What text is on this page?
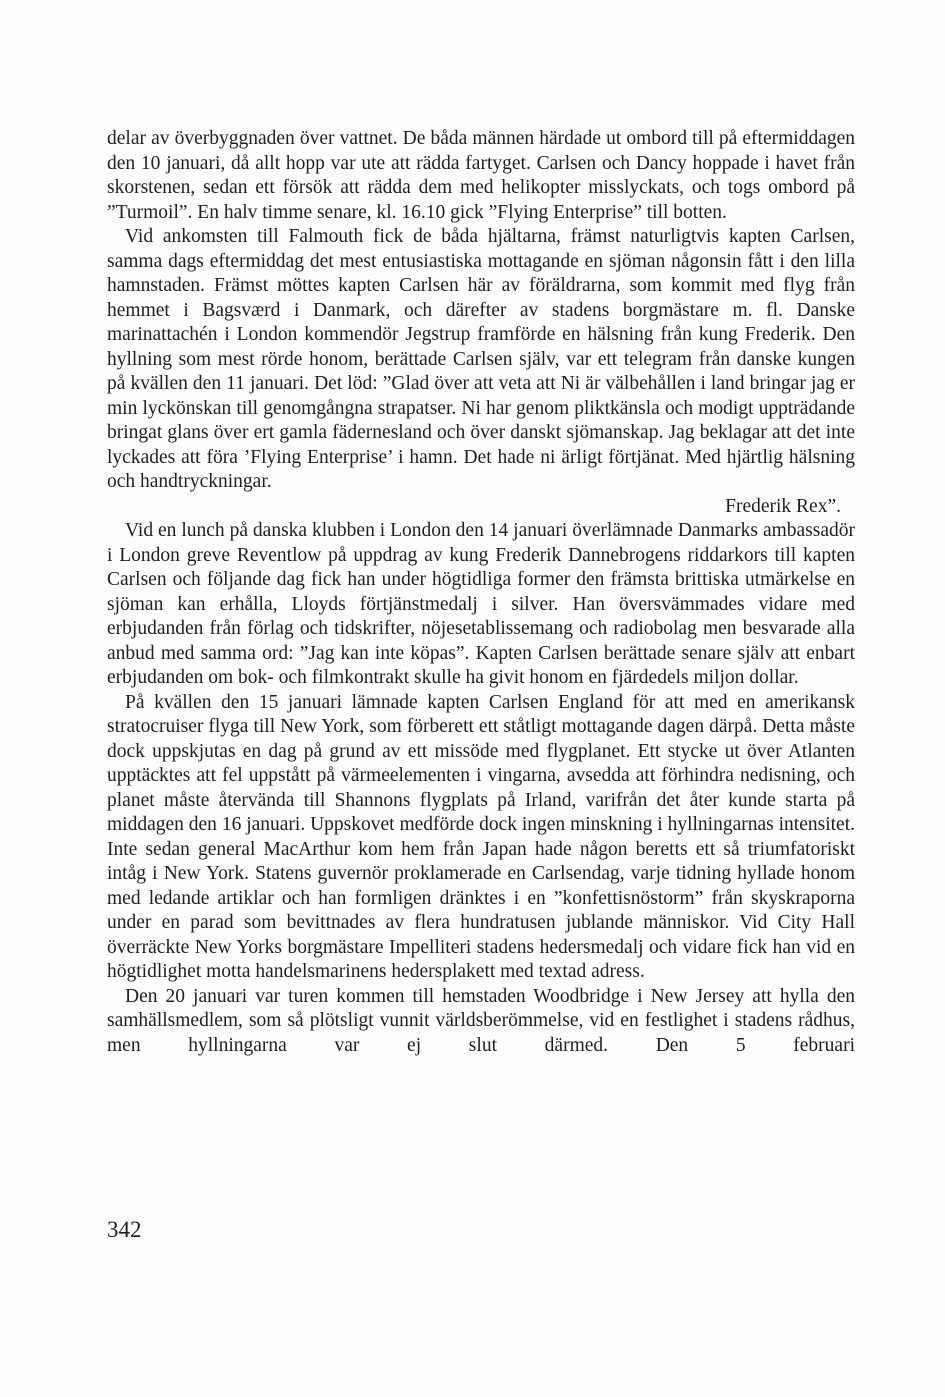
delar av överbyggnaden över vattnet. De båda männen härdade ut ombord till på eftermiddagen den 10 januari, då allt hopp var ute att rädda fartyget. Carlsen och Dancy hoppade i havet från skorstenen, sedan ett försök att rädda dem med helikopter misslyckats, och togs ombord på ”Turmoil”. En halv timme senare, kl. 16.10 gick ”Flying Enterprise” till botten.

Vid ankomsten till Falmouth fick de båda hjältarna, främst naturligtvis kapten Carlsen, samma dags eftermiddag det mest entusiastiska mottagande en sjöman någonsin fått i den lilla hamnstaden. Främst möttes kapten Carlsen här av föräldrarna, som kommit med flyg från hemmet i Bagsværd i Danmark, och därefter av stadens borgmästare m. fl. Danske marinattachén i London kommendör Jegstrup framförde en hälsning från kung Frederik. Den hyllning som mest rörde honom, berättade Carlsen själv, var ett telegram från danske kungen på kvällen den 11 januari. Det löd: ”Glad över att veta att Ni är välbehållen i land bringar jag er min lyckönskan till genomgångna strapatser. Ni har genom pliktkänsla och modigt uppträdande bringat glans över ert gamla fädernesland och över danskt sjömanskap. Jag beklagar att det inte lyckades att föra ’Flying Enterprise’ i hamn. Det hade ni ärligt förtjänat. Med hjärtlig hälsning och handtryckningar.

Frederik Rex”.

Vid en lunch på danska klubben i London den 14 januari överlämnade Danmarks ambassadör i London greve Reventlow på uppdrag av kung Frederik Dannebrogens riddarkors till kapten Carlsen och följande dag fick han under högtidliga former den främsta brittiska utmärkelse en sjöman kan erhålla, Lloyds förtjänstmedalj i silver. Han översvämmades vidare med erbjudanden från förlag och tidskrifter, nöjesetablissemang och radiobolag men besvarade alla anbud med samma ord: ”Jag kan inte köpas”. Kapten Carlsen berättade senare själv att enbart erbjudanden om bok- och filmkontrakt skulle ha givit honom en fjärdedels miljon dollar.

På kvällen den 15 januari lämnade kapten Carlsen England för att med en amerikansk stratocruiser flyga till New York, som förberett ett ståtligt mottagande dagen därpå. Detta måste dock uppskjutas en dag på grund av ett missöde med flygplanet. Ett stycke ut över Atlanten upptäcktes att fel uppstått på värmeelementen i vingarna, avsedda att förhindra nedisning, och planet måste återvända till Shannons flygplats på Irland, varifrån det åter kunde starta på middagen den 16 januari. Uppskovet medförde dock ingen minskning i hyllningarnas intensitet. Inte sedan general MacArthur kom hem från Japan hade någon beretts ett så triumfatoriskt intåg i New York. Statens guvernör proklamerade en Carlsendag, varje tidning hyllade honom med ledande artiklar och han formligen dränktes i en ”konfettisnöstorm” från skyskraporna under en parad som bevittnades av flera hundratusen jublande människor. Vid City Hall överräckte New Yorks borgmästare Impelliteri stadens hedersmedalj och vidare fick han vid en högtidlighet motta handelsmarinens hedersplakett med textad adress.

Den 20 januari var turen kommen till hemstaden Woodbridge i New Jersey att hylla den samhällsmedlem, som så plötsligt vunnit världsberömmelse, vid en festlighet i stadens rådhus, men hyllningarna var ej slut därmed. Den 5 februari

342
